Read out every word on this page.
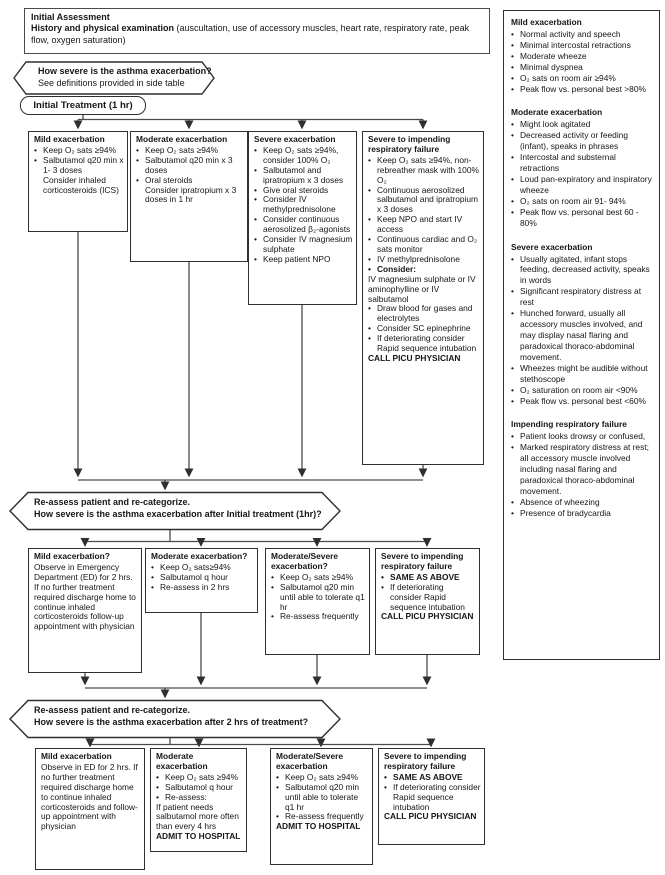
Initial Assessment
History and physical examination (auscultation, use of accessory muscles, heart rate, respiratory rate, peak flow, oxygen saturation)
How severe is the asthma exacerbation?
See definitions provided in side table
Initial Treatment (1 hr)
Mild exacerbation
• Keep O₂ sats ≥94%
• Salbutamol q20 min x 1- 3 doses
Consider inhaled corticosteroids (ICS)
Moderate exacerbation
• Keep O₂ sats ≥94%
• Salbutamol q20 min x 3 doses
• Oral steroids
Consider ipratropium x 3 doses in 1 hr
Severe exacerbation
• Keep O₂ sats ≥94%, consider 100% O₂
• Salbutamol and ipratropium x 3 doses
• Give oral steroids
• Consider IV methylprednisolone
• Consider continuous aerosolized β₂-agonists
• Consider IV magnesium sulphate
• Keep patient NPO
Severe to impending respiratory failure
• Keep O₂ sats ≥94%, non-rebreather mask with 100% O₂
• Continuous aerosolized salbutamol and ipratropium x 3 doses
• Keep NPO and start IV access
• Continuous cardiac and O₂ sats monitor
• IV methylprednisolone
• Consider:
IV magnesium sulphate or IV aminophylline or IV salbutamol
• Draw blood for gases and electrolytes
• Consider SC epinephrine
• If deteriorating consider Rapid sequence intubation
CALL PICU PHYSICIAN
Re-assess patient and re-categorize.
How severe is the asthma exacerbation after Initial treatment (1hr)?
Mild exacerbation?
Observe in Emergency Department (ED) for 2 hrs. If no further treatment required discharge home to continue inhaled corticosteroids follow-up appointment with physician
Moderate exacerbation?
• Keep O₂ sats≥94%
• Salbutamol q hour
• Re-assess in 2 hrs
Moderate/Severe exacerbation?
• Keep O₂ sats ≥94%
• Salbutamol q20 min until able to tolerate q1 hr
• Re-assess frequently
Severe to impending respiratory failure
• SAME AS ABOVE
• If deteriorating consider Rapid sequence intubation
CALL PICU PHYSICIAN
Re-assess patient and re-categorize.
How severe is the asthma exacerbation after 2 hrs of treatment?
Mild exacerbation
Observe in ED for 2 hrs. If no further treatment required discharge home to continue inhaled corticosteroids and follow-up appointment with physician
Moderate exacerbation
• Keep O₂ sats ≥94%
• Salbutamol q hour
• Re-assess:
If patient needs salbutamol more often than every 4 hrs
ADMIT TO HOSPITAL
Moderate/Severe exacerbation
• Keep O₂ sats ≥94%
• Salbutamol q20 min until able to tolerate q1 hr
• Re-assess frequently
ADMIT TO HOSPITAL
Severe to impending respiratory failure
• SAME AS ABOVE
• If deteriorating consider Rapid sequence intubation
CALL PICU PHYSICIAN
Mild exacerbation
• Normal activity and speech
• Minimal intercostal retractions
• Moderate wheeze
• Minimal dyspnea
• O₂ sats on room air ≥94%
• Peak flow vs. personal best >80%
Moderate exacerbation
• Might look agitated
• Decreased activity or feeding (infant), speaks in phrases
• Intercostal and substernal retractions
• Loud pan-expiratory and inspiratory wheeze
• O₂ sats on room air 91- 94%
• Peak flow vs. personal best 60 - 80%
Severe exacerbation
• Usually agitated, infant stops feeding, decreased activity, speaks in words
• Significant respiratory distress at rest
• Hunched forward, usually all accessory muscles involved, and may display nasal flaring and paradoxical thoraco-abdominal movement.
• Wheezes might be audible without stethoscope
• O₂ saturation on room air <90%
• Peak flow vs. personal best <60%
Impending respiratory failure
• Patient looks drowsy or confused,
• Marked respiratory distress at rest; all accessory muscle involved including nasal flaring and paradoxical thoraco-abdominal movement.
• Absence of wheezing
• Presence of bradycardia
